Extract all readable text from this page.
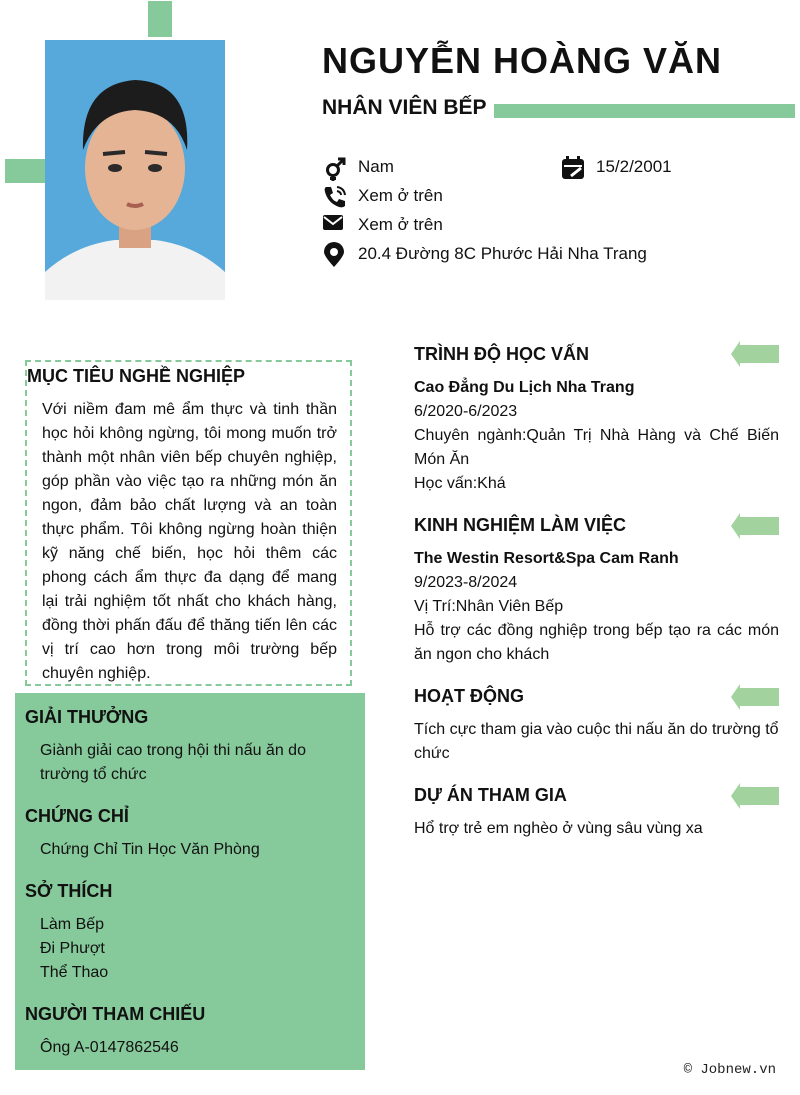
NGUYỄN HOÀNG VĂN
NHÂN VIÊN BẾP
Nam	15/2/2001
Xem ở trên
Xem ở trên
20.4 Đường 8C Phước Hải Nha Trang
MỤC TIÊU NGHỀ NGHIỆP
Với niềm đam mê ẩm thực và tinh thần học hỏi không ngừng, tôi mong muốn trở thành một nhân viên bếp chuyên nghiệp, góp phần vào việc tạo ra những món ăn ngon, đảm bảo chất lượng và an toàn thực phẩm. Tôi không ngừng hoàn thiện kỹ năng chế biến, học hỏi thêm các phong cách ẩm thực đa dạng để mang lại trải nghiệm tốt nhất cho khách hàng, đồng thời phấn đấu để thăng tiến lên các vị trí cao hơn trong môi trường bếp chuyên nghiệp.
GIẢI THƯỞNG
Giành giải cao trong hội thi nấu ăn do trường tổ chức
CHỨNG CHỈ
Chứng Chỉ Tin Học Văn Phòng
SỞ THÍCH
Làm Bếp
Đi Phượt
Thể Thao
NGƯỜI THAM CHIẾU
Ông A-0147862546
TRÌNH ĐỘ HỌC VẤN
Cao Đẳng Du Lịch Nha Trang
6/2020-6/2023
Chuyên ngành:Quản Trị Nhà Hàng và Chế Biến Món Ăn
Học vấn:Khá
KINH NGHIỆM LÀM VIỆC
The Westin Resort&Spa Cam Ranh
9/2023-8/2024
Vị Trí:Nhân Viên Bếp
Hỗ trợ các đồng nghiệp trong bếp tạo ra các món ăn ngon cho khách
HOẠT ĐỘNG
Tích cực tham gia vào cuộc thi nấu ăn do trường tổ chức
DỰ ÁN THAM GIA
Hổ trợ trẻ em nghèo ở vùng sâu vùng xa
© Jobnew.vn
